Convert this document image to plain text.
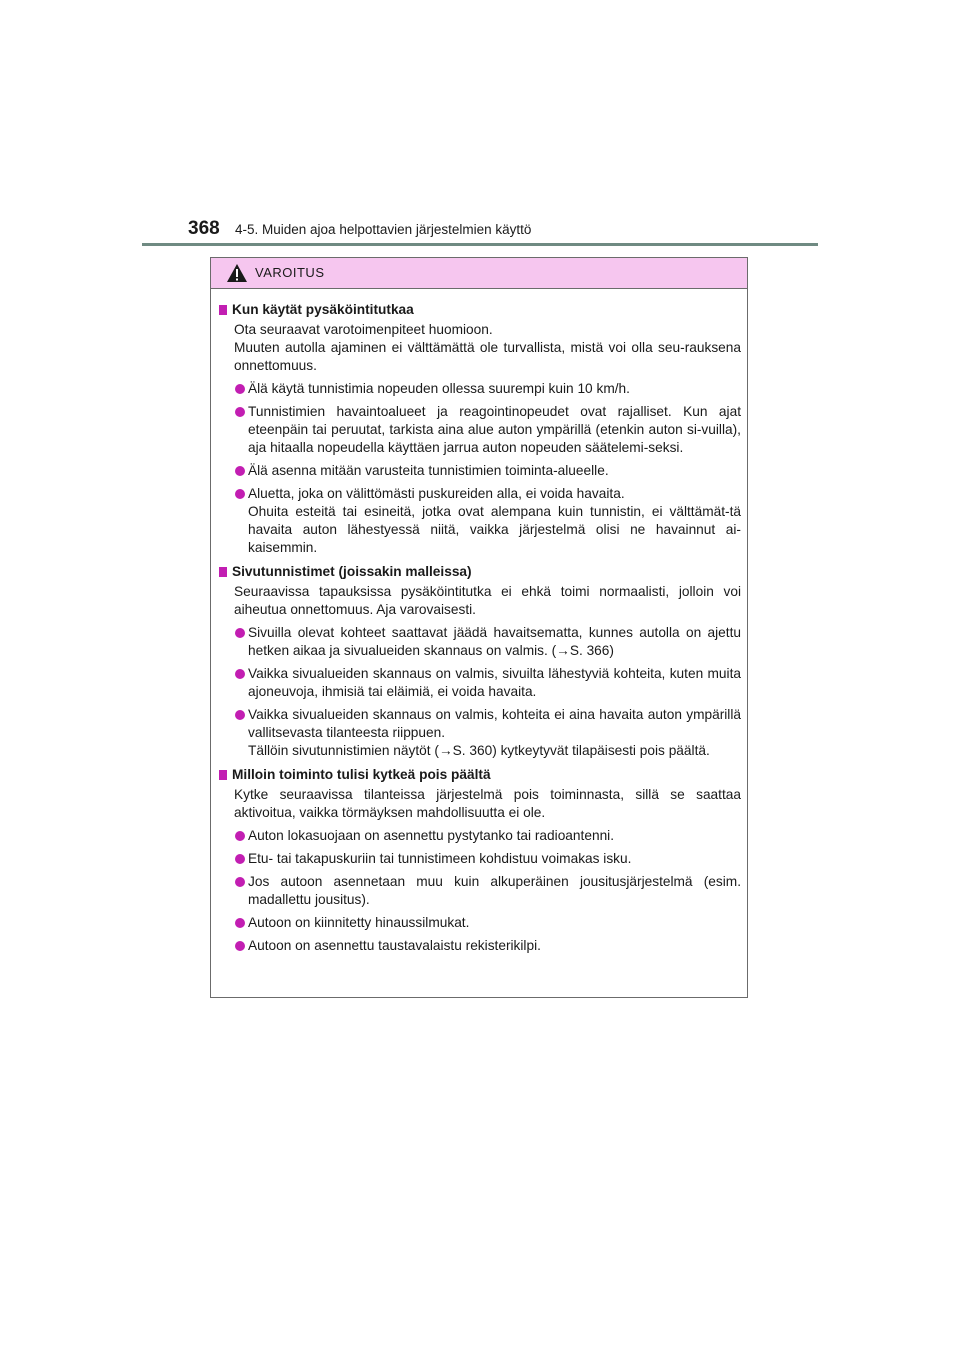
368 4-5. Muiden ajoa helpottavien järjestelmien käyttö
VAROITUS
Kun käytät pysäköintitutkaa
Ota seuraavat varotoimenpiteet huomioon.
Muuten autolla ajaminen ei välttämättä ole turvallista, mistä voi olla seu-rauksena onnettomuus.
Älä käytä tunnistimia nopeuden ollessa suurempi kuin 10 km/h.
Tunnistimien havaintoalueet ja reagointinopeudet ovat rajalliset. Kun ajat eteenpäin tai peruutat, tarkista aina alue auton ympärillä (etenkin auton si-vuilla), aja hitaalla nopeudella käyttäen jarrua auton nopeuden säätelemi-seksi.
Älä asenna mitään varusteita tunnistimien toiminta-alueelle.
Aluetta, joka on välittömästi puskureiden alla, ei voida havaita.
Ohuita esteitä tai esineitä, jotka ovat alempana kuin tunnistin, ei välttämät-tä havaita auton lähestyessä niitä, vaikka järjestelmä olisi ne havainnut ai-kaisemmin.
Sivutunnistimet (joissakin malleissa)
Seuraavissa tapauksissa pysäköintitutka ei ehkä toimi normaalisti, jolloin voi aiheutua onnettomuus. Aja varovaisesti.
Sivuilla olevat kohteet saattavat jäädä havaitsematta, kunnes autolla on ajettu hetken aikaa ja sivualueiden skannaus on valmis. (→S. 366)
Vaikka sivualueiden skannaus on valmis, sivuilta lähestyviä kohteita, kuten muita ajoneuvoja, ihmisiä tai eläimiä, ei voida havaita.
Vaikka sivualueiden skannaus on valmis, kohteita ei aina havaita auton ympärillä vallitsevasta tilanteesta riippuen.
Tällöin sivutunnistimien näytöt (→S. 360) kytkeytyvät tilapäisesti pois päältä.
Milloin toiminto tulisi kytkeä pois päältä
Kytke seuraavissa tilanteissa järjestelmä pois toiminnasta, sillä se saattaa aktivoitua, vaikka törmäyksen mahdollisuutta ei ole.
Auton lokasuojaan on asennettu pystytanko tai radioantenni.
Etu- tai takapuskuriin tai tunnistimeen kohdistuu voimakas isku.
Jos autoon asennetaan muu kuin alkuperäinen jousitusjärjestelmä (esim. madallettu jousitus).
Autoon on kiinnitetty hinaussilmukat.
Autoon on asennettu taustavalaistu rekisterikilpi.
